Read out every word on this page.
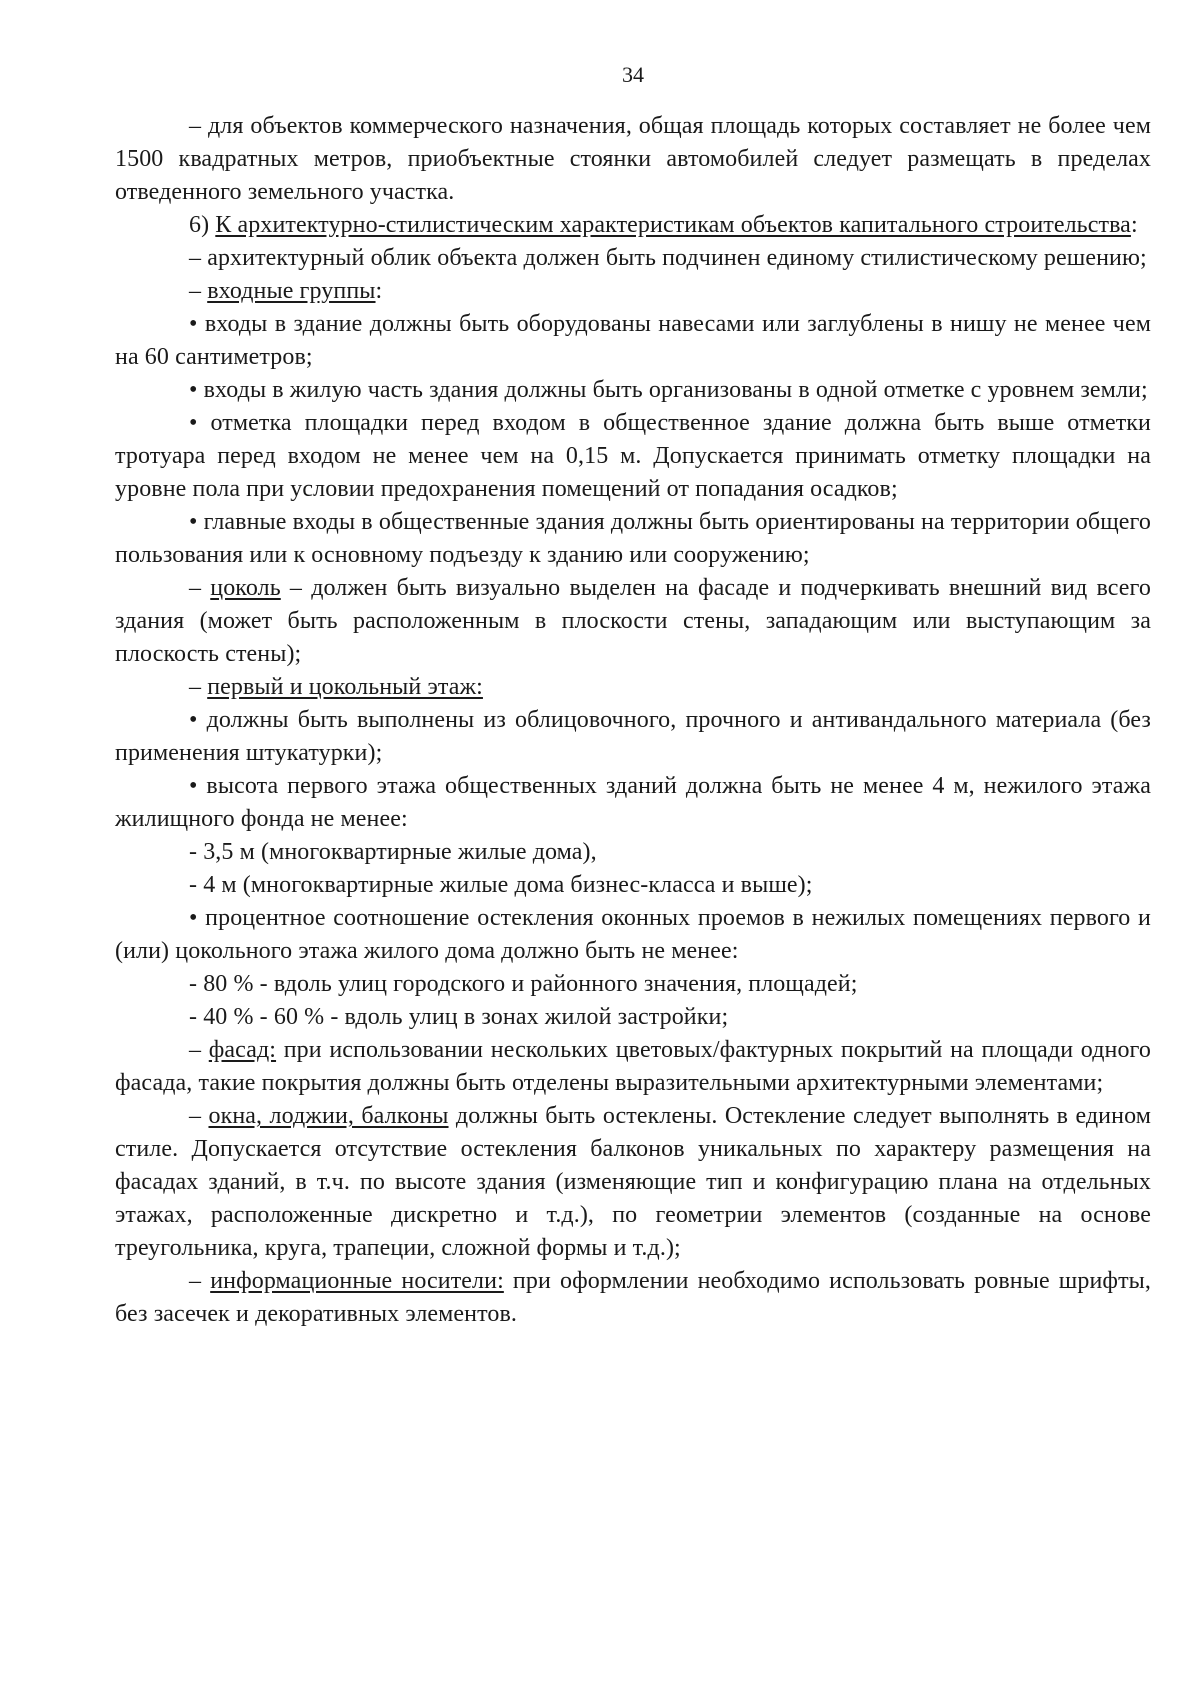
34

– для объектов коммерческого назначения, общая площадь которых составляет не более чем 1500 квадратных метров, приобъектные стоянки автомобилей следует размещать в пределах отведенного земельного участка.

6) К архитектурно-стилистическим характеристикам объектов капитального строительства:

– архитектурный облик объекта должен быть подчинен единому стилистическому решению;

– входные группы:

• входы в здание должны быть оборудованы навесами или заглублены в нишу не менее чем на 60 сантиметров;

• входы в жилую часть здания должны быть организованы в одной отметке с уровнем земли;

• отметка площадки перед входом в общественное здание должна быть выше отметки тротуара перед входом не менее чем на 0,15 м. Допускается принимать отметку площадки на уровне пола при условии предохранения помещений от попадания осадков;

• главные входы в общественные здания должны быть ориентированы на территории общего пользования или к основному подъезду к зданию или сооружению;

– цоколь – должен быть визуально выделен на фасаде и подчеркивать внешний вид всего здания (может быть расположенным в плоскости стены, западающим или выступающим за плоскость стены);

– первый и цокольный этаж:

• должны быть выполнены из облицовочного, прочного и антивандального материала (без применения штукатурки);

• высота первого этажа общественных зданий должна быть не менее 4 м, нежилого этажа жилищного фонда не менее:

- 3,5 м (многоквартирные жилые дома),

- 4 м (многоквартирные жилые дома бизнес-класса и выше);

• процентное соотношение остекления оконных проемов в нежилых помещениях первого и (или) цокольного этажа жилого дома должно быть не менее:

- 80 % - вдоль улиц городского и районного значения, площадей;

- 40 % - 60 % - вдоль улиц в зонах жилой застройки;

– фасад: при использовании нескольких цветовых/фактурных покрытий на площади одного фасада, такие покрытия должны быть отделены выразительными архитектурными элементами;

– окна, лоджии, балконы должны быть остеклены. Остекление следует выполнять в едином стиле. Допускается отсутствие остекления балконов уникальных по характеру размещения на фасадах зданий, в т.ч. по высоте здания (изменяющие тип и конфигурацию плана на отдельных этажах, расположенные дискретно и т.д.), по геометрии элементов (созданные на основе треугольника, круга, трапеции, сложной формы и т.д.);

– информационные носители: при оформлении необходимо использовать ровные шрифты, без засечек и декоративных элементов.
